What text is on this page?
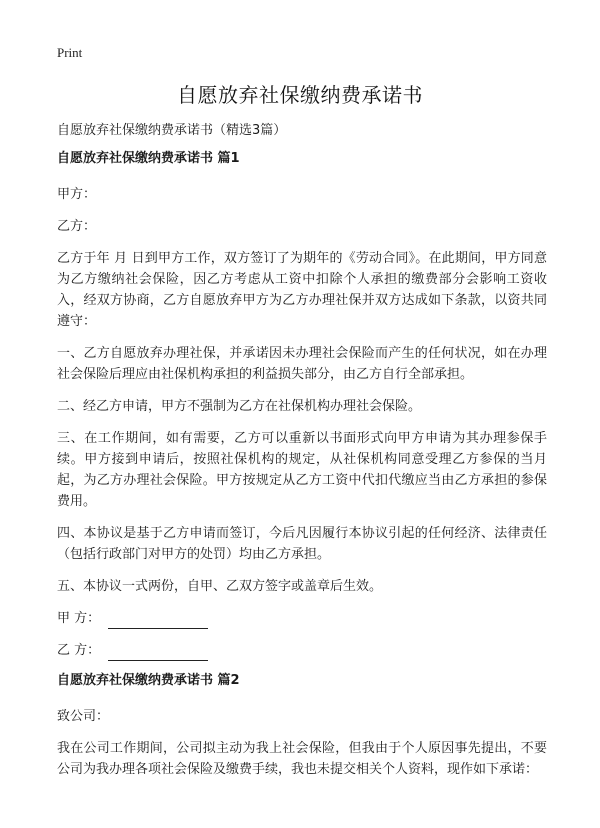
Print
自愿放弃社保缴纳费承诺书
自愿放弃社保缴纳费承诺书（精选3篇）
自愿放弃社保缴纳费承诺书 篇1

甲方：

乙方：

乙方于年 月 日到甲方工作，双方签订了为期年的《劳动合同》。在此期间，甲方同意为乙方缴纳社会保险，因乙方考虑从工资中扣除个人承担的缴费部分会影响工资收入，经双方协商，乙方自愿放弃甲方为乙方办理社保并双方达成如下条款，以资共同遵守：

一、乙方自愿放弃办理社保，并承诺因未办理社会保险而产生的任何状况，如在办理社会保险后理应由社保机构承担的利益损失部分，由乙方自行全部承担。

二、经乙方申请，甲方不强制为乙方在社保机构办理社会保险。

三、在工作期间，如有需要，乙方可以重新以书面形式向甲方申请为其办理参保手续。甲方接到申请后，按照社保机构的规定，从社保机构同意受理乙方参保的当月起，为乙方办理社会保险。甲方按规定从乙方工资中代扣代缴应当由乙方承担的参保费用。

四、本协议是基于乙方申请而签订，今后凡因履行本协议引起的任何经济、法律责任（包括行政部门对甲方的处罚）均由乙方承担。

五、本协议一式两份，自甲、乙双方签字或盖章后生效。

甲 方：
乙 方：
自愿放弃社保缴纳费承诺书 篇2

致公司：

我在公司工作期间，公司拟主动为我上社会保险，但我由于个人原因事先提出，不要公司为我办理各项社会保险及缴费手续，我也未提交相关个人资料，现作如下承诺：
